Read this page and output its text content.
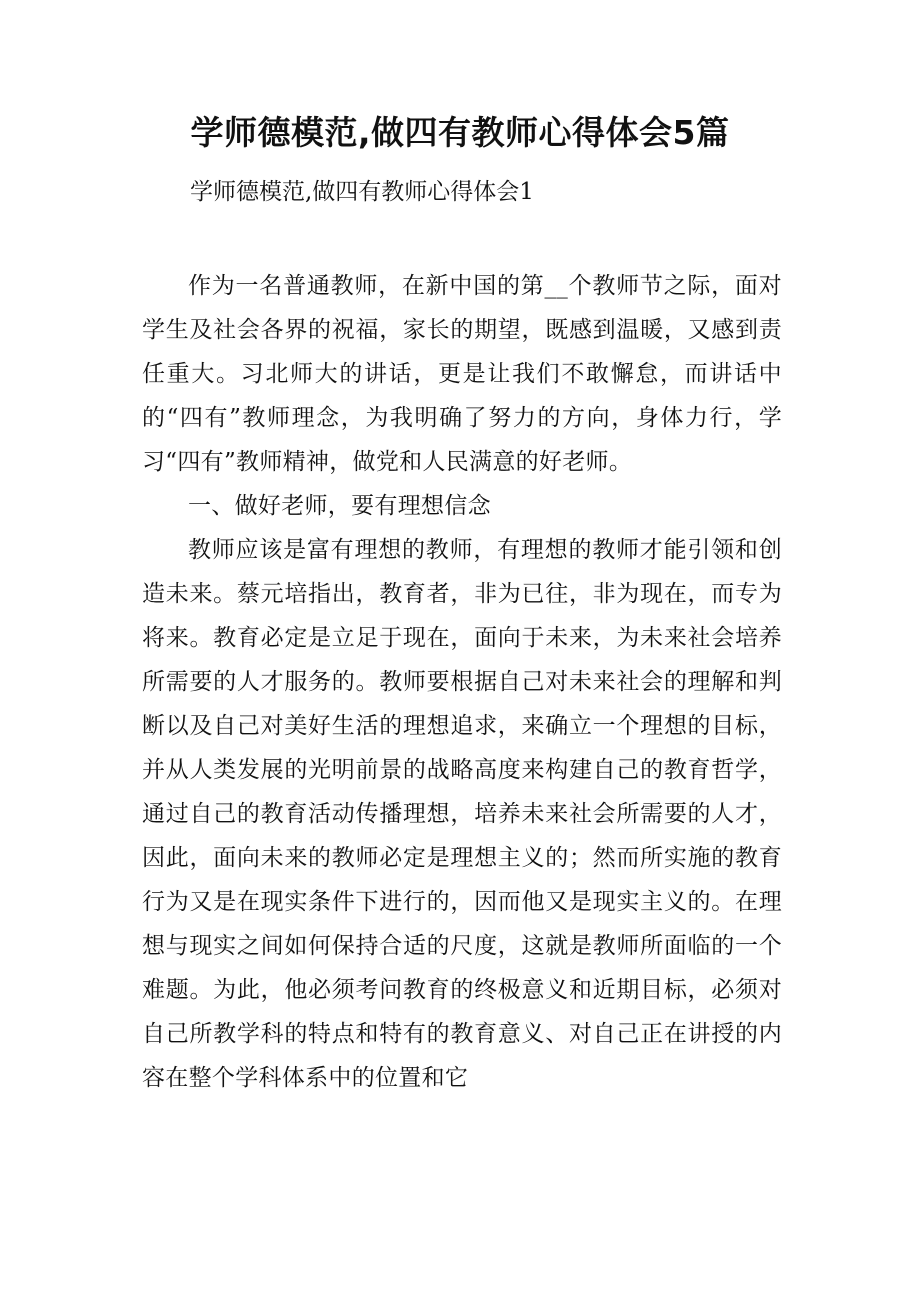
学师德模范,做四有教师心得体会5篇

学师德模范,做四有教师心得体会1

作为一名普通教师，在新中国的第__个教师节之际，面对学生及社会各界的祝福，家长的期望，既感到温暖，又感到责任重大。习北师大的讲话，更是让我们不敢懈怠，而讲话中的“四有”教师理念，为我明确了努力的方向，身体力行，学习“四有”教师精神，做党和人民满意的好老师。

一、做好老师，要有理想信念

教师应该是富有理想的教师，有理想的教师才能引领和创造未来。蔡元培指出，教育者，非为已往，非为现在，而专为将来。教育必定是立足于现在，面向于未来，为未来社会培养所需要的人才服务的。教师要根据自己对未来社会的理解和判断以及自己对美好生活的理想追求，来确立一个理想的目标，并从人类发展的光明前景的战略高度来构建自己的教育哲学，通过自己的教育活动传播理想，培养未来社会所需要的人才，因此，面向未来的教师必定是理想主义的；然而所实施的教育行为又是在现实条件下进行的，因而他又是现实主义的。在理想与现实之间如何保持合适的尺度，这就是教师所面临的一个难题。为此，他必须考问教育的终极意义和近期目标，必须对自己所教学科的特点和特有的教育意义、对自己正在讲授的内容在整个学科体系中的位置和它
